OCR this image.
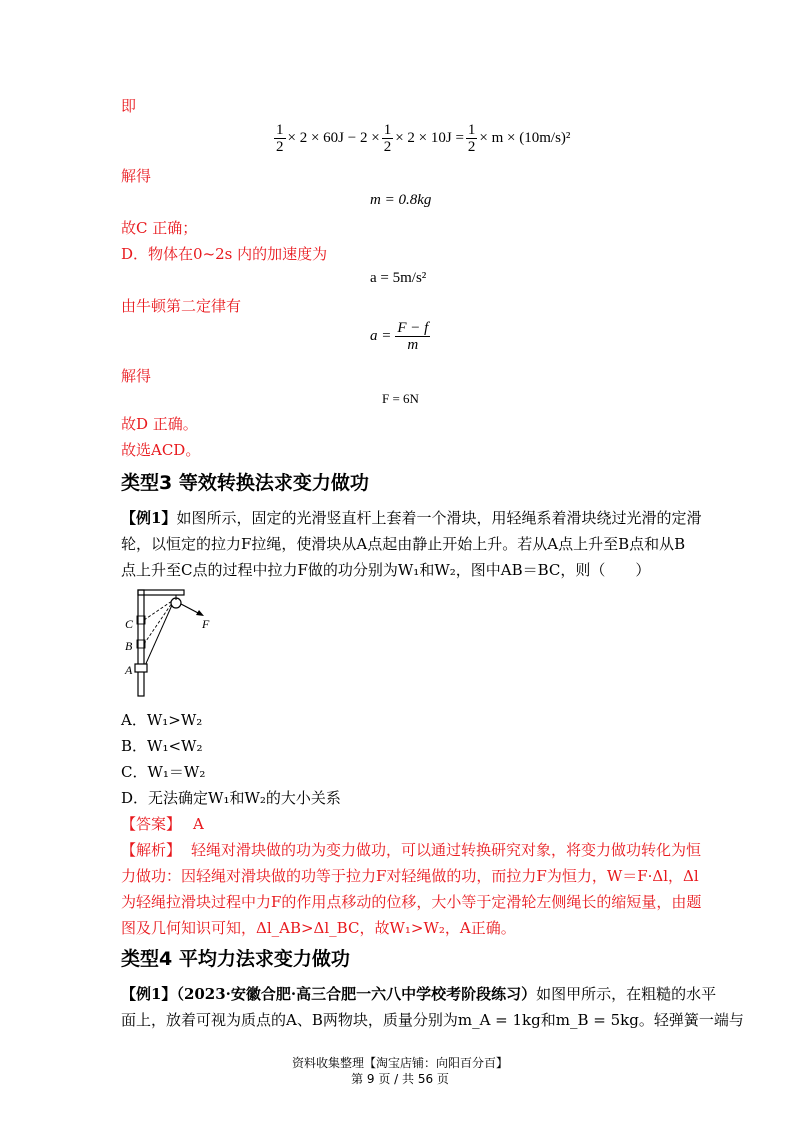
即
$\frac{1}{2} \times 2 \times 60J - 2 \times \frac{1}{2} \times 2 \times 10J = \frac{1}{2} \times m \times (10m/s)^2$
解得
m = 0.8kg
故C 正确；
D．物体在0~2s 内的加速度为
a = 5m/s²
由牛顿第二定律有
$a = \frac{F - f}{m}$
解得
F = 6N
故D 正确。
故选ACD。
类型3 等效转换法求变力做功
【例1】如图所示，固定的光滑竖直杆上套着一个滑块，用轻绳系着滑块绕过光滑的定滑
轮，以恒定的拉力F拉绳，使滑块从A点起由静止开始上升。若从A点上升至B点和从B
点上升至C点的过程中拉力F做的功分别为W₁和W₂，图中AB＝BC，则（　　）
F
C
B
A
A．W₁>W₂
B．W₁<W₂
C．W₁＝W₂
D．无法确定W₁和W₂的大小关系
【答案】 A
【解析】 轻绳对滑块做的功为变力做功，可以通过转换研究对象，将变力做功转化为恒
力做功：因轻绳对滑块做的功等于拉力F对轻绳做的功，而拉力F为恒力，W＝F·Δl，Δl
为轻绳拉滑块过程中力F的作用点移动的位移，大小等于定滑轮左侧绳长的缩短量，由题
图及几何知识可知，Δl_AB>Δl_BC，故W₁>W₂，A正确。
类型4 平均力法求变力做功
【例1】（2023·安徽合肥·高三合肥一六八中学校考阶段练习）如图甲所示，在粗糙的水平
面上，放着可视为质点的A、B两物块，质量分别为m_A = 1kg和m_B = 5kg。轻弹簧一端与
资料收集整理【淘宝店铺：向阳百分百】
第 9 页 / 共 56 页
